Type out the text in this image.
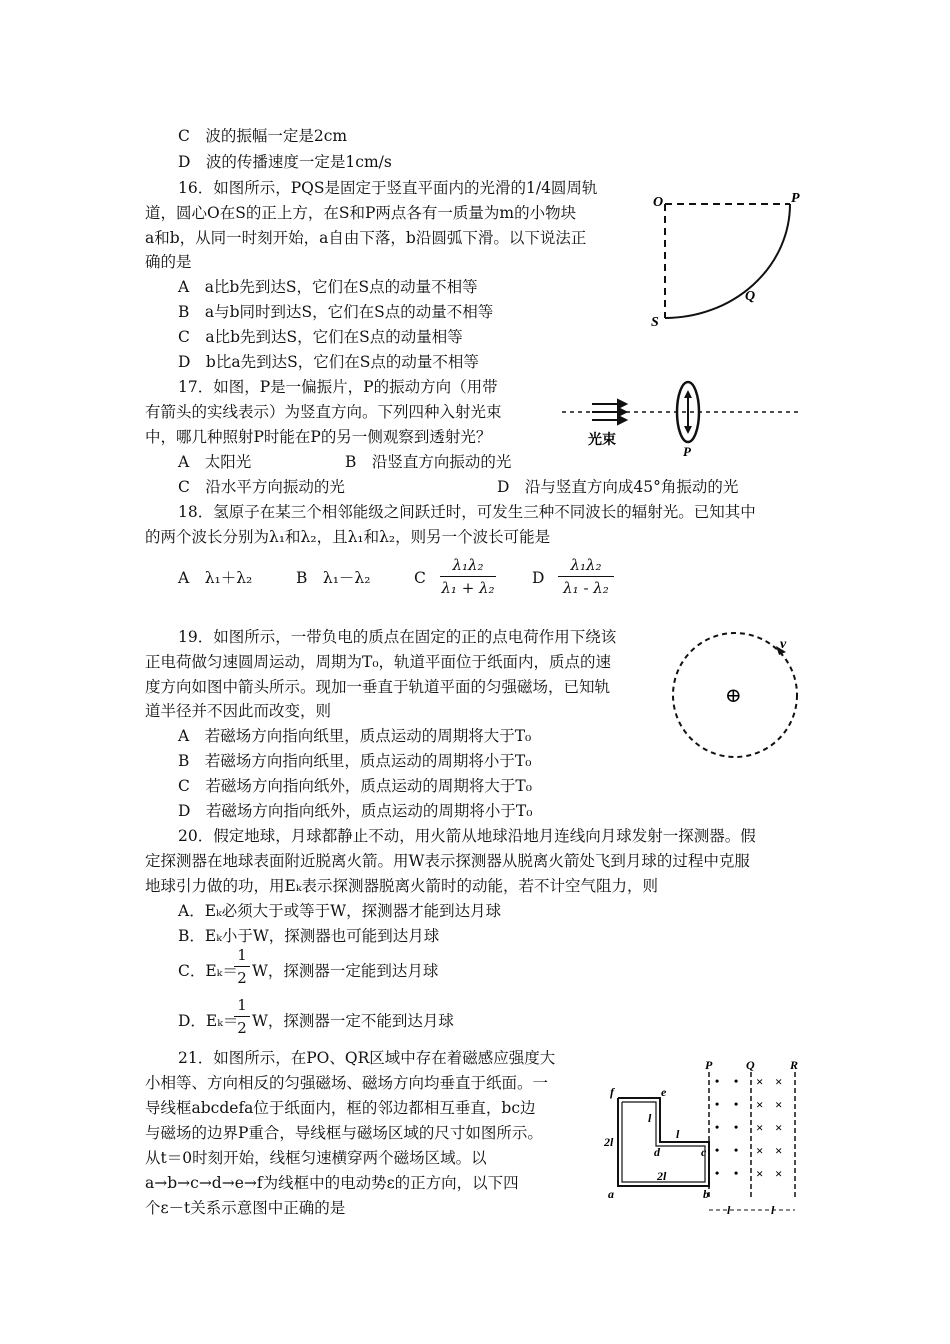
C　波的振幅一定是2cm
D　波的传播速度一定是1cm/s
16．如图所示，PQS是固定于竖直平面内的光滑的1/4圆周轨
道，圆心O在S的正上方，在S和P两点各有一质量为m的小物块
a和b，从同一时刻开始，a自由下落，b沿圆弧下滑。以下说法正
确的是
A　a比b先到达S，它们在S点的动量不相等
B　a与b同时到达S，它们在S点的动量不相等
C　a比b先到达S，它们在S点的动量相等
D　b比a先到达S，它们在S点的动量不相等
17．如图，P是一偏振片，P的振动方向（用带
有箭头的实线表示）为竖直方向。下列四种入射光束
中，哪几种照射P时能在P的另一侧观察到透射光？
A　太阳光	B　沿竖直方向振动的光
C　沿水平方向振动的光	D　沿与竖直方向成45°角振动的光
18．氢原子在某三个相邻能级之间跃迁时，可发生三种不同波长的辐射光。已知其中
的两个波长分别为λ₁和λ₂，且λ₁和λ₂，则另一个波长可能是
A　λ₁＋λ₂	B　λ₁－λ₂	C
λ₁λ₂
λ₁ + λ₂
D
λ₁λ₂
λ₁ - λ₂
19．如图所示，一带负电的质点在固定的正的点电荷作用下绕该
正电荷做匀速圆周运动，周期为T₀，轨道平面位于纸面内，质点的速
度方向如图中箭头所示。现加一垂直于轨道平面的匀强磁场，已知轨
道半径并不因此而改变，则
A　若磁场方向指向纸里，质点运动的周期将大于T₀
B　若磁场方向指向纸里，质点运动的周期将小于T₀
C　若磁场方向指向纸外，质点运动的周期将大于T₀
D　若磁场方向指向纸外，质点运动的周期将小于T₀
20．假定地球，月球都静止不动，用火箭从地球沿地月连线向月球发射一探测器。假
定探测器在地球表面附近脱离火箭。用W表示探测器从脱离火箭处飞到月球的过程中克服
地球引力做的功，用Eₖ表示探测器脱离火箭时的动能，若不计空气阻力，则
A．Eₖ必须大于或等于W，探测器才能到达月球
B．Eₖ小于W，探测器也可能到达月球
C．Eₖ＝
1
2 W，探测器一定能到达月球
D．Eₖ＝
1
2 W，探测器一定不能到达月球
21．如图所示，在PO、QR区域中存在着磁感应强度大
小相等、方向相反的匀强磁场、磁场方向均垂直于纸面。一
导线框abcdefa位于纸面内，框的邻边都相互垂直，bc边
与磁场的边界P重合，导线框与磁场区域的尺寸如图所示。
从t＝0时刻开始，线框匀速横穿两个磁场区域。以
a→b→c→d→e→f为线框中的电动势ε的正方向，以下四
个ε－t关系示意图中正确的是
O	P
Q
S
光束
P
⊕
v
P	Q	R
• •
• •
• •
• •
• •
× ×
× ×
× ×
× ×
× ×
f	e
d	c
a	b
l
l
2l
2l
l	l
